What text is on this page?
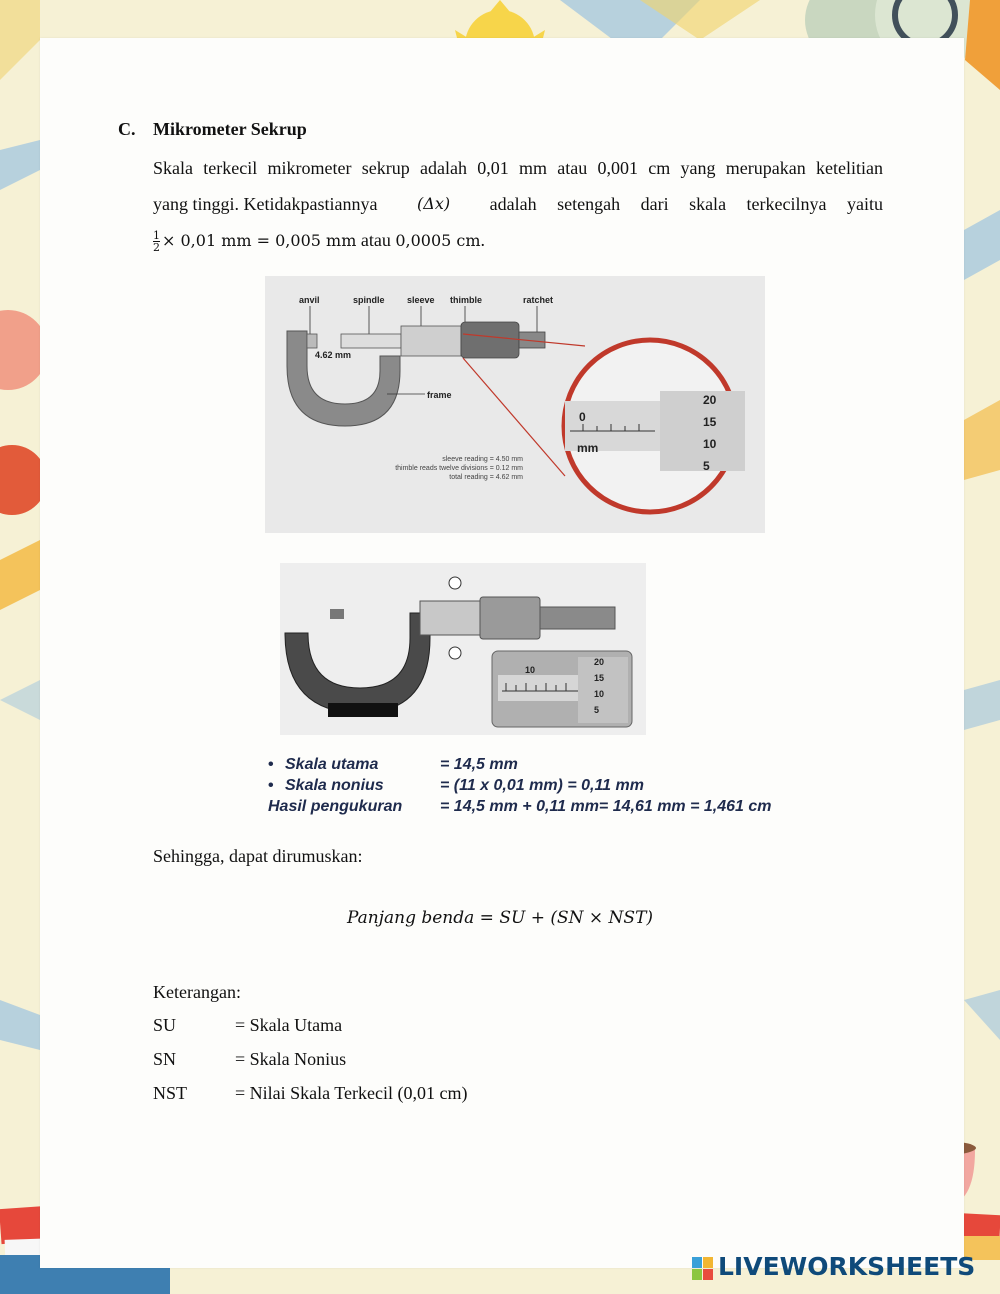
C. Mikrometer Sekrup
Skala terkecil mikrometer sekrup adalah 0,01 mm atau 0,001 cm yang merupakan ketelitian
yang tinggi. Ketidakpastiannya (Δx) adalah setengah dari skala terkecilnya yaitu
$\frac{1}{2} \times 0,01$ mm = 0,005 mm atau 0,0005 cm.
anvil	spindle sleeve thimble	ratchet
4.62 mm
frame
0
mm
20
15
10
5
sleeve reading = 4.50 mm
thimble reads twelve divisions = 0.12 mm
total reading = 4.62 mm
10
20
15
10
5
• Skala utama	= 14,5 mm
• Skala nonius	= (11 x 0,01 mm) = 0,11 mm
Hasil pengukuran = 14,5 mm + 0,11 mm= 14,61 mm = 1,461 cm
Sehingga, dapat dirumuskan:
Panjang benda = SU + (SN × NST)
Keterangan:
SU	= Skala Utama
SN	= Skala Nonius
NST	= Nilai Skala Terkecil (0,01 cm)
LIVEWORKSHEETS
